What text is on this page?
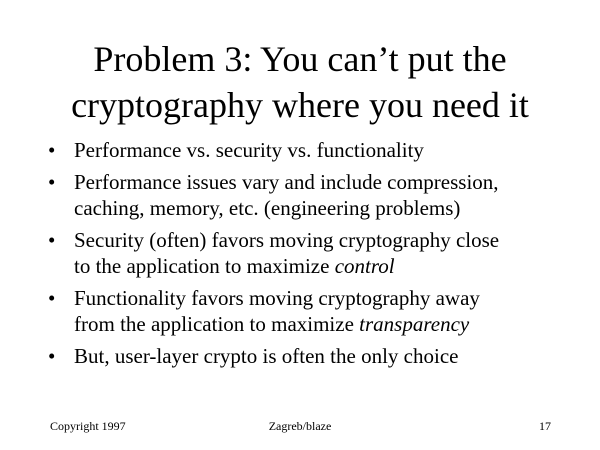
Problem 3: You can’t put the
cryptography where you need it
• Performance vs. security vs. functionality
• Performance issues vary and include compression,
caching, memory, etc. (engineering problems)
• Security (often) favors moving cryptography close
to the application to maximize control
• Functionality favors moving cryptography away
from the application to maximize transparency
• But, user-layer crypto is often the only choice
Copyright 1997	Zagreb/blaze	17
